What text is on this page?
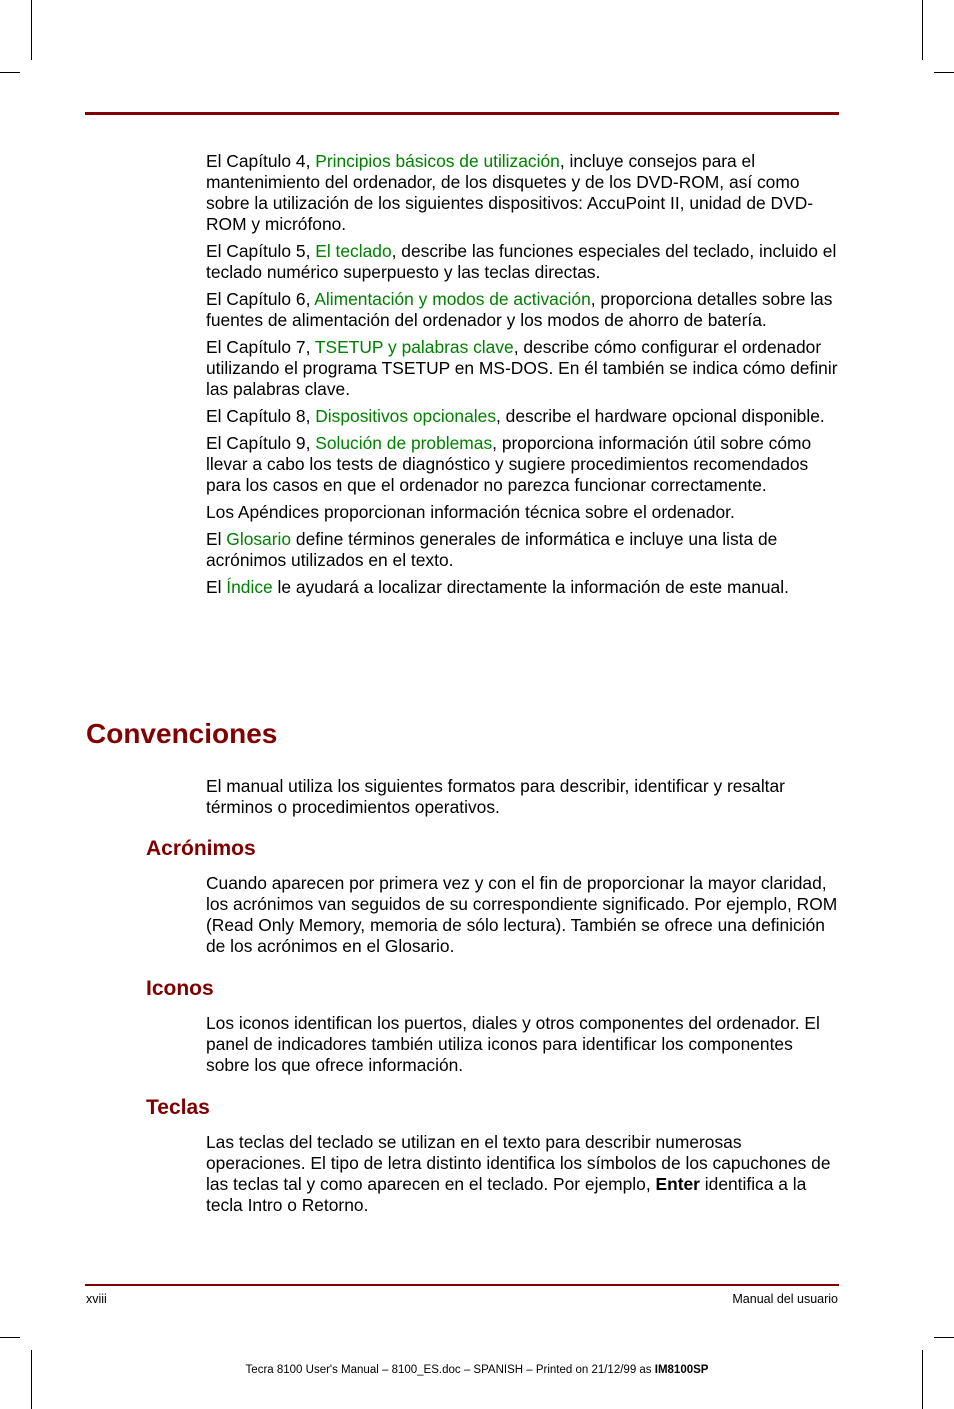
El Capítulo 4, Principios básicos de utilización, incluye consejos para el mantenimiento del ordenador, de los disquetes y de los DVD-ROM, así como sobre la utilización de los siguientes dispositivos: AccuPoint II, unidad de DVD-ROM y micrófono.

El Capítulo 5, El teclado, describe las funciones especiales del teclado, incluido el teclado numérico superpuesto y las teclas directas.

El Capítulo 6, Alimentación y modos de activación, proporciona detalles sobre las fuentes de alimentación del ordenador y los modos de ahorro de batería.

El Capítulo 7, TSETUP y palabras clave, describe cómo configurar el ordenador utilizando el programa TSETUP en MS-DOS. En él también se indica cómo definir las palabras clave.

El Capítulo 8, Dispositivos opcionales, describe el hardware opcional disponible.

El Capítulo 9, Solución de problemas, proporciona información útil sobre cómo llevar a cabo los tests de diagnóstico y sugiere procedimientos recomendados para los casos en que el ordenador no parezca funcionar correctamente.

Los Apéndices proporcionan información técnica sobre el ordenador.

El Glosario define términos generales de informática e incluye una lista de acrónimos utilizados en el texto.

El Índice le ayudará a localizar directamente la información de este manual.

Convenciones

El manual utiliza los siguientes formatos para describir, identificar y resaltar términos o procedimientos operativos.

Acrónimos

Cuando aparecen por primera vez y con el fin de proporcionar la mayor claridad, los acrónimos van seguidos de su correspondiente significado. Por ejemplo, ROM (Read Only Memory, memoria de sólo lectura). También se ofrece una definición de los acrónimos en el Glosario.

Iconos

Los iconos identifican los puertos, diales y otros componentes del ordenador. El panel de indicadores también utiliza iconos para identificar los componentes sobre los que ofrece información.

Teclas

Las teclas del teclado se utilizan en el texto para describir numerosas operaciones. El tipo de letra distinto identifica los símbolos de los capuchones de las teclas tal y como aparecen en el teclado. Por ejemplo, Enter identifica a la tecla Intro o Retorno.

xviii	Manual del usuario
Tecra 8100 User's Manual – 8100_ES.doc – SPANISH – Printed on 21/12/99 as IM8100SP
